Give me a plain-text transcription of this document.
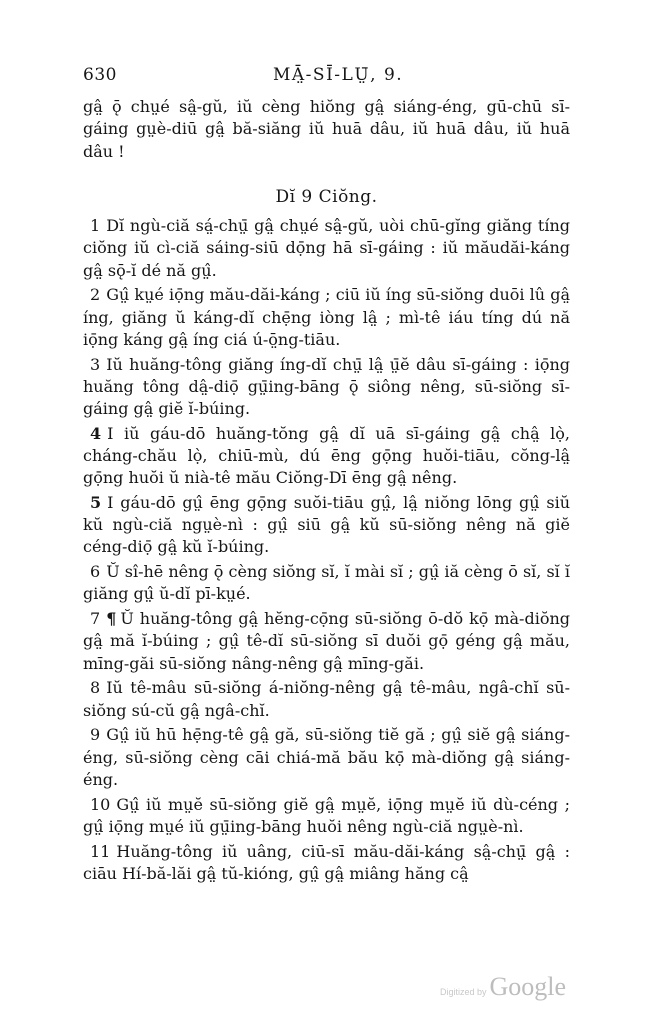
630	MĀ̤-SĪ-LṲ̄, 9.

gâ̤ ǭ chṳé sâ̤-gŭ, iŭ cèng hiŏng gâ̤ siáng-éng, gū-chū sī-gáing gṳè-diū gâ̤ bă-siăng iŭ huā dâu, iŭ huā dâu, iŭ huā dâu !

Dĭ 9 Ciŏng.

1 Dĭ ngù-ciă sá̤-chṳ̄ gâ̤ chṳé sâ̤-gŭ, uòi chū-gĭng giăng tíng ciŏng iŭ cì-ciă sáing-siū dọ̄ng hā sī-gáing : iŭ măudăi-káng gâ̤ sǭ-ĭ dé nă gṳ̂.

2 Gṳ̂ kṳé iọ̄ng mău-dăi-káng ; ciū iŭ íng sū-siŏng duōi lû gâ̤ íng, giăng ŭ káng-dĭ chẹ̄ng iòng lâ̤ ; mì-tê iáu tíng dú nă iọ̄ng káng gâ̤ íng ciá ú-ō̤ng-tiāu.

3 Iŭ huăng-tông giăng íng-dĭ chṳ̄ lâ̤ ṳ̄ĕ dâu sī-gáing : iọ̄ng huăng tông dâ̤-diọ̄ gṳ̄ing-bāng ǭ siông nêng, sū-siŏng sī-gáing gâ̤ giĕ ĭ-búing.

4 I iŭ gáu-dō huăng-tŏng gâ̤ dĭ uā sī-gáing gâ̤ châ̤ lọ̀, cháng-chău lọ̀, chiū-mù, dú ēng gọ̄ng huŏi-tiāu, cŏng-lâ̤ gọ̄ng huŏi ŭ nià-tê mău Ciŏng-Dī ēng gâ̤ nêng.

5 I gáu-dō gṳ̂ ēng gọ̄ng suŏi-tiāu gṳ̂, lâ̤ niŏng lōng gṳ̂ siŭ kŭ ngù-ciă ngṳè-nì : gṳ̂ siū gâ̤ kŭ sū-siŏng nêng nă giĕ céng-diọ̄ gâ̤ kŭ ĭ-búing.

6 Ŭ sî-hē nêng ǭ cèng siŏng sĭ, ĭ mài sĭ ; gṳ̂ iă cèng ō sĭ, sĭ ĭ giăng gṳ̂ ŭ-dĭ pī-kṳé.

7 ¶ Ŭ huăng-tông gâ̤ hĕng-cọ̄ng sū-siŏng ō-dŏ kọ̄ mà-diŏng gâ̤ mă ĭ-búing ; gṳ̂ tê-dĭ sū-siŏng sī duŏi gọ̄ géng gâ̤ mău, mīng-găi sū-siŏng nâng-nêng gâ̤ mīng-găi.

8 Iŭ tê-mâu sū-siŏng á-niŏng-nêng gâ̤ tê-mâu, ngâ-chĭ sū-siŏng sú-cŭ gâ̤ ngâ-chĭ.

9 Gṳ̂ iŭ hū hẹ̄ng-tê gâ̤ gă, sū-siŏng tiĕ gă ; gṳ̂ siĕ gâ̤ siáng-éng, sū-siŏng cèng cāi chiá-mă bău kọ̄ mà-diŏng gâ̤ siáng-éng.

10 Gṳ̂ iŭ mṳĕ sū-siŏng giĕ gâ̤ mṳĕ, iọ̄ng mṳĕ iŭ dù-céng ; gṳ̂ iọ̄ng mṳé iŭ gṳ̄ing-bāng huŏi nêng ngù-ciă ngṳè-nì.

11 Huăng-tông iŭ uâng, ciū-sī mău-dăi-káng sâ̤-chṳ̄ gâ̤ : ciāu Hí-bă-lăi gâ̤ tŭ-kióng, gṳ̂ gâ̤ miâng hăng câ̤

Digitized by Google
